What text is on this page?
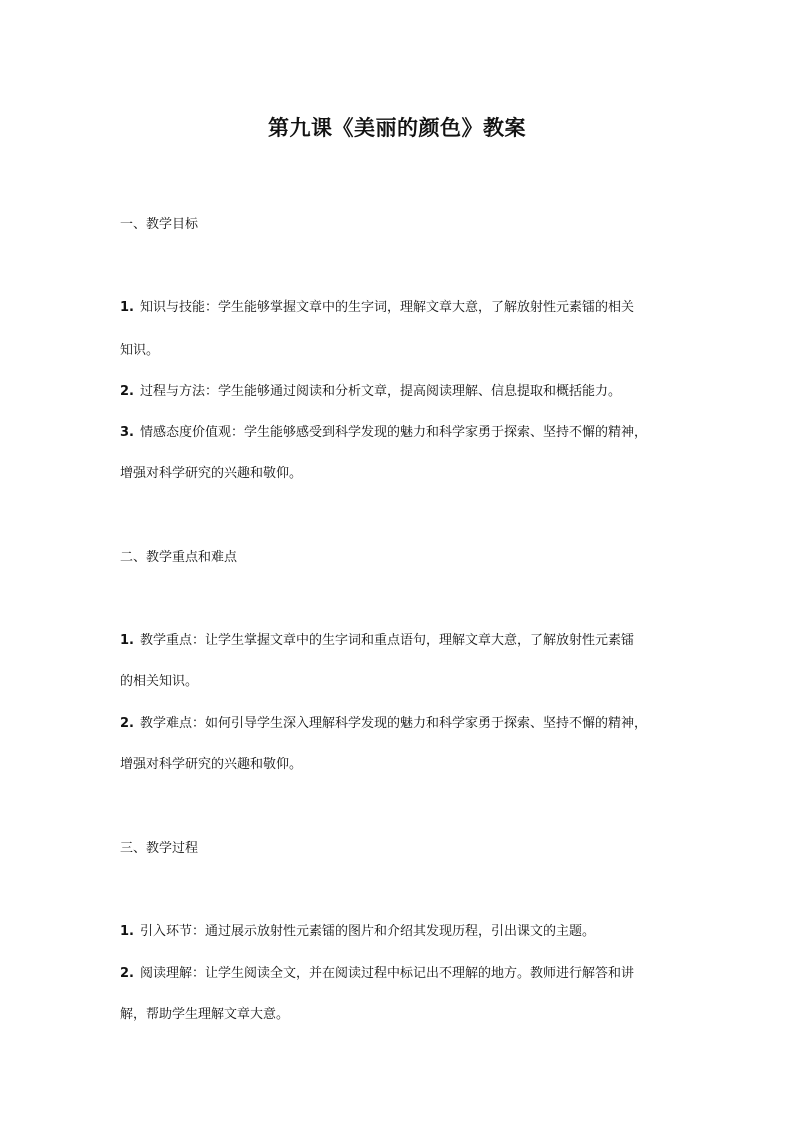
第九课《美丽的颜色》教案
一、教学目标
1. 知识与技能：学生能够掌握文章中的生字词，理解文章大意，了解放射性元素镭的相关
知识。
2. 过程与方法：学生能够通过阅读和分析文章，提高阅读理解、信息提取和概括能力。
3. 情感态度价值观：学生能够感受到科学发现的魅力和科学家勇于探索、坚持不懈的精神，
增强对科学研究的兴趣和敬仰。
二、教学重点和难点
1. 教学重点：让学生掌握文章中的生字词和重点语句，理解文章大意，了解放射性元素镭
的相关知识。
2. 教学难点：如何引导学生深入理解科学发现的魅力和科学家勇于探索、坚持不懈的精神，
增强对科学研究的兴趣和敬仰。
三、教学过程
1. 引入环节：通过展示放射性元素镭的图片和介绍其发现历程，引出课文的主题。
2. 阅读理解：让学生阅读全文，并在阅读过程中标记出不理解的地方。教师进行解答和讲
解，帮助学生理解文章大意。
